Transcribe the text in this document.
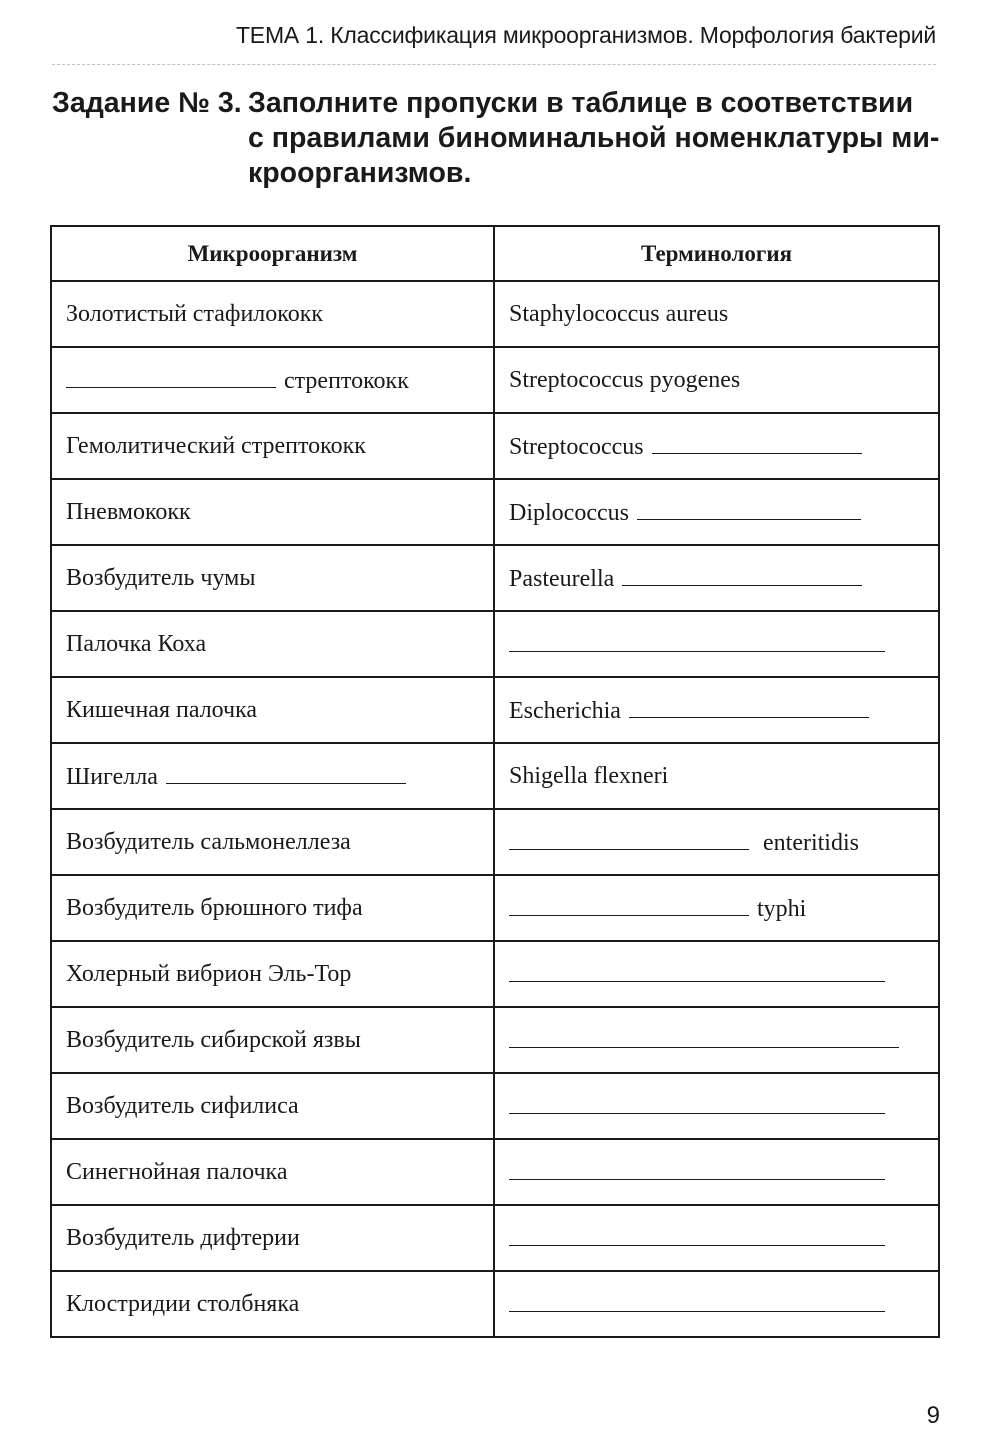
ТЕМА 1. Классификация микроорганизмов. Морфология бактерий
Задание № 3. Заполните пропуски в таблице в соответствии
с правилами биноминальной номенклатуры ми-
кроорганизмов.
Микроорганизм	Терминология
Золотистый стафилококк	Staphylococcus aureus
стрептококк	Streptococcus pyogenes
Гемолитический стрептококк	Streptococcus
Пневмококк	Diplococcus
Возбудитель чумы	Pasteurella
Палочка Коха	
Кишечная палочка	Escherichia
Шигелла	Shigella flexneri
Возбудитель сальмонеллеза	enteritidis
Возбудитель брюшного тифа	typhi
Холерный вибрион Эль-Тор	
Возбудитель сибирской язвы	
Возбудитель сифилиса	
Синегнойная палочка	
Возбудитель дифтерии	
Клостридии столбняка	
9
